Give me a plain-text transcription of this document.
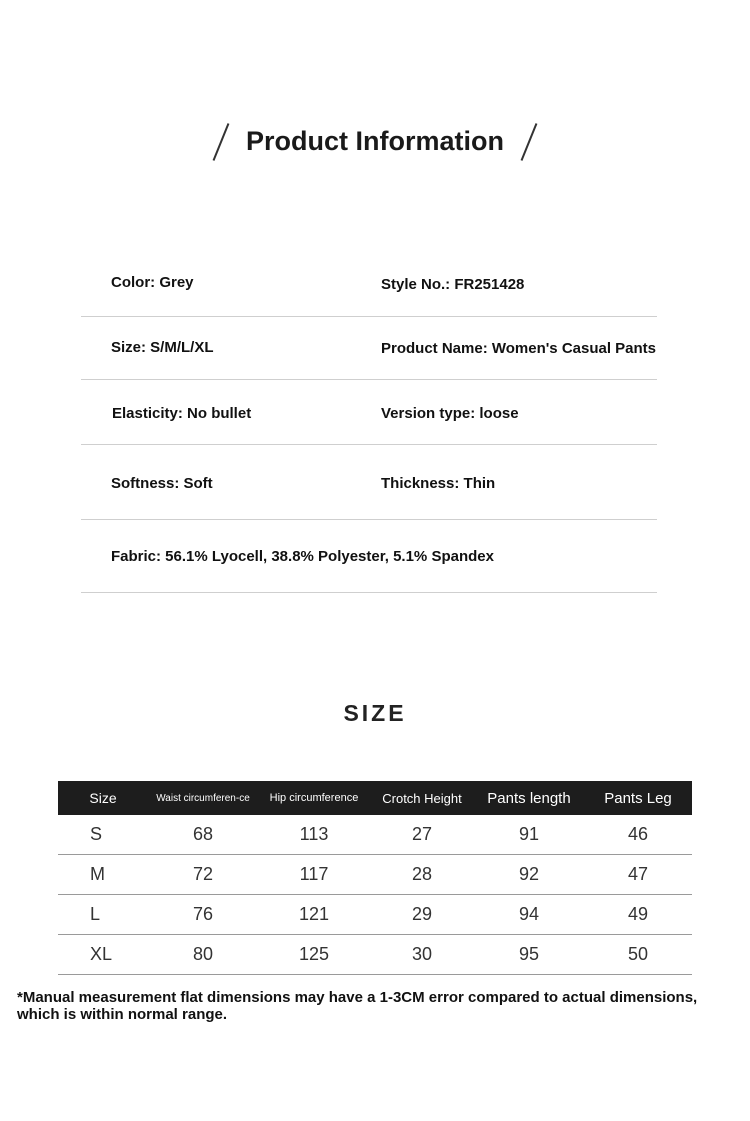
Product Information
Color: Grey	Style No.: FR251428
Size: S/M/L/XL	Product Name: Women's Casual Pants
Elasticity: No bullet	Version type: loose
Softness: Soft	Thickness: Thin
Fabric: 56.1% Lyocell, 38.8% Polyester, 5.1% Spandex
SIZE
Size	Waist circumferen-ce	Hip circumference	Crotch Height	Pants length	Pants Leg
S	68	113	27	91	46
M	72	117	28	92	47
L	76	121	29	94	49
XL	80	125	30	95	50
*Manual measurement flat dimensions may have a 1-3CM error compared to actual dimensions, which is within normal range.
